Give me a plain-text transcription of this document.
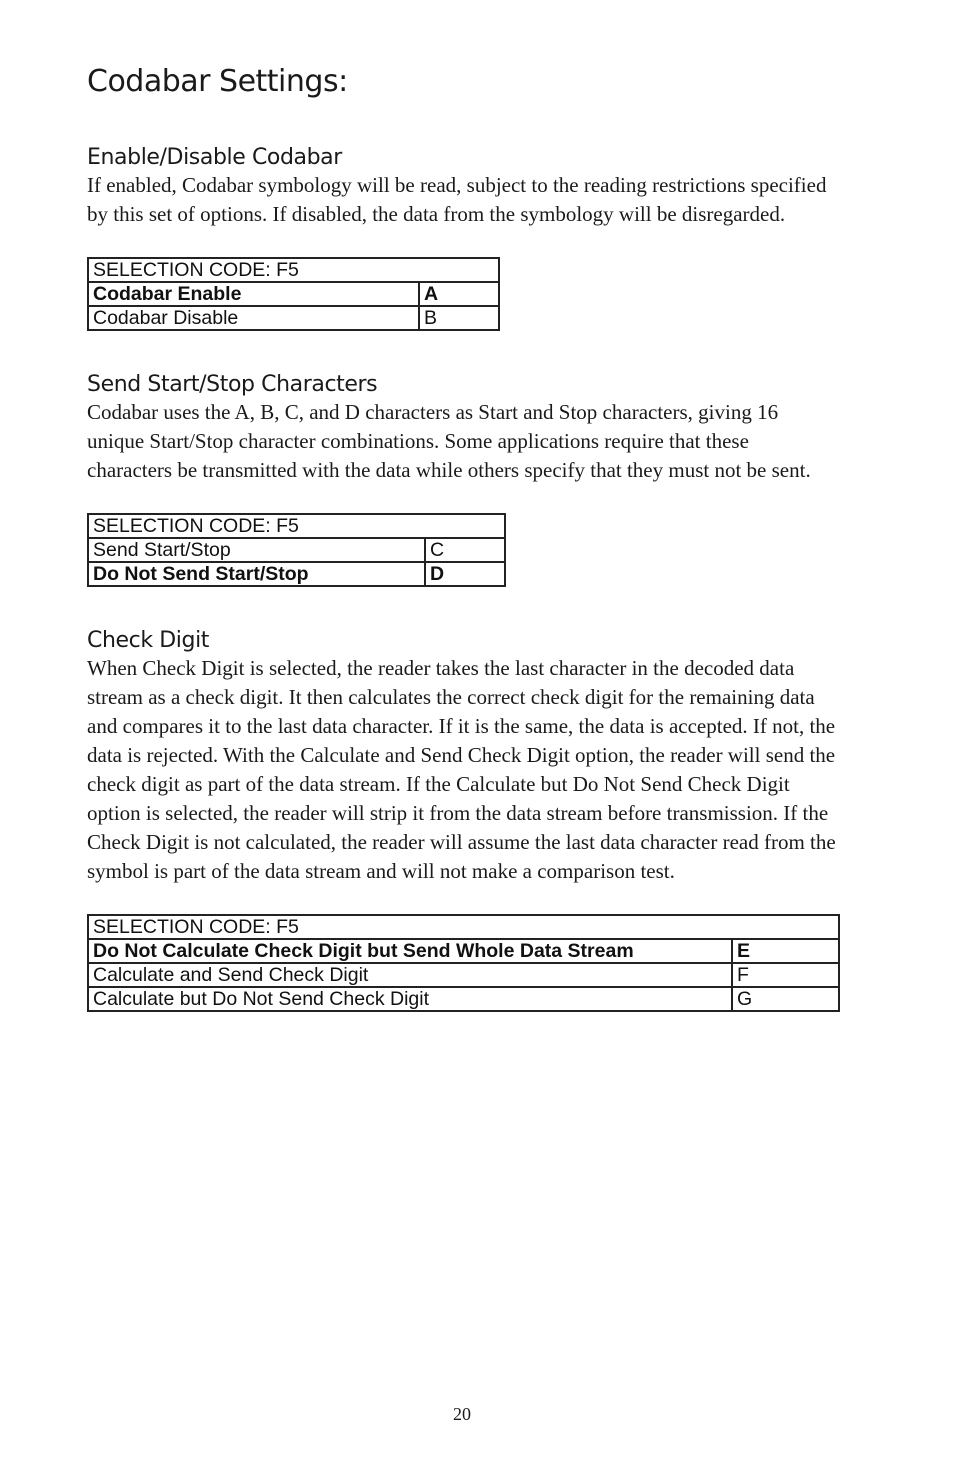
Codabar Settings:
Enable/Disable Codabar

If enabled, Codabar symbology will be read, subject to the reading restrictions specified by this set of options. If disabled, the data from the symbology will be disregarded.

SELECTION CODE: F5	
Codabar Enable	A
Codabar Disable	B
Send Start/Stop Characters

Codabar uses the A, B, C, and D characters as Start and Stop characters, giving 16 unique Start/Stop character combinations. Some applications require that these characters be transmitted with the data while others specify that they must not be sent.

SELECTION CODE: F5	
Send Start/Stop	C
Do Not Send Start/Stop	D
Check Digit

When Check Digit is selected, the reader takes the last character in the decoded data stream as a check digit. It then calculates the correct check digit for the remaining data and compares it to the last data character. If it is the same, the data is accepted. If not, the data is rejected. With the Calculate and Send Check Digit option, the reader will send the check digit as part of the data stream. If the Calculate but Do Not Send Check Digit option is selected, the reader will strip it from the data stream before transmission. If the Check Digit is not calculated, the reader will assume the last data character read from the symbol is part of the data stream and will not make a comparison test.

SELECTION CODE: F5	
Do Not Calculate Check Digit but Send Whole Data Stream	E
Calculate and Send Check Digit	F
Calculate but Do Not Send Check Digit	G
20
